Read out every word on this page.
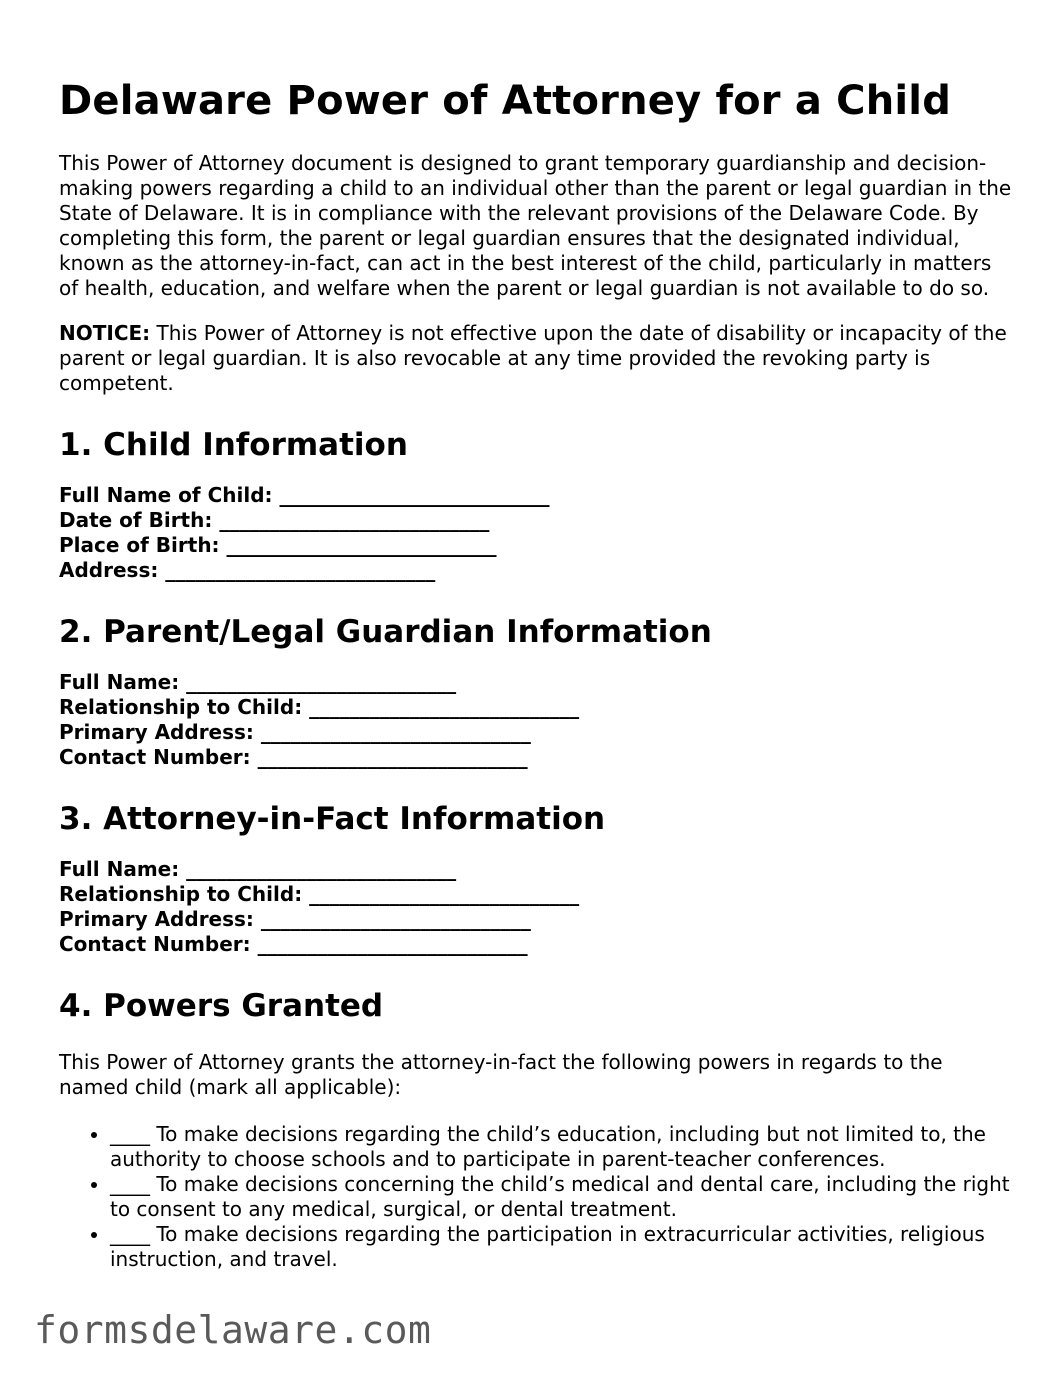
Delaware Power of Attorney for a Child

This Power of Attorney document is designed to grant temporary guardianship and decision-making powers regarding a child to an individual other than the parent or legal guardian in the State of Delaware. It is in compliance with the relevant provisions of the Delaware Code. By completing this form, the parent or legal guardian ensures that the designated individual, known as the attorney-in-fact, can act in the best interest of the child, particularly in matters of health, education, and welfare when the parent or legal guardian is not available to do so.

NOTICE: This Power of Attorney is not effective upon the date of disability or incapacity of the parent or legal guardian. It is also revocable at any time provided the revoking party is competent.

1. Child Information
Full Name of Child: ___________________________
Date of Birth: ___________________________
Place of Birth: ___________________________
Address: ___________________________
2. Parent/Legal Guardian Information
Full Name: ___________________________
Relationship to Child: ___________________________
Primary Address: ___________________________
Contact Number: ___________________________
3. Attorney-in-Fact Information
Full Name: ___________________________
Relationship to Child: ___________________________
Primary Address: ___________________________
Contact Number: ___________________________
4. Powers Granted

This Power of Attorney grants the attorney-in-fact the following powers in regards to the named child (mark all applicable):

• ____ To make decisions regarding the child’s education, including but not limited to, the authority to choose schools and to participate in parent-teacher conferences.
• ____ To make decisions concerning the child’s medical and dental care, including the right to consent to any medical, surgical, or dental treatment.
• ____ To make decisions regarding the participation in extracurricular activities, religious instruction, and travel.
formsdelaware.com
